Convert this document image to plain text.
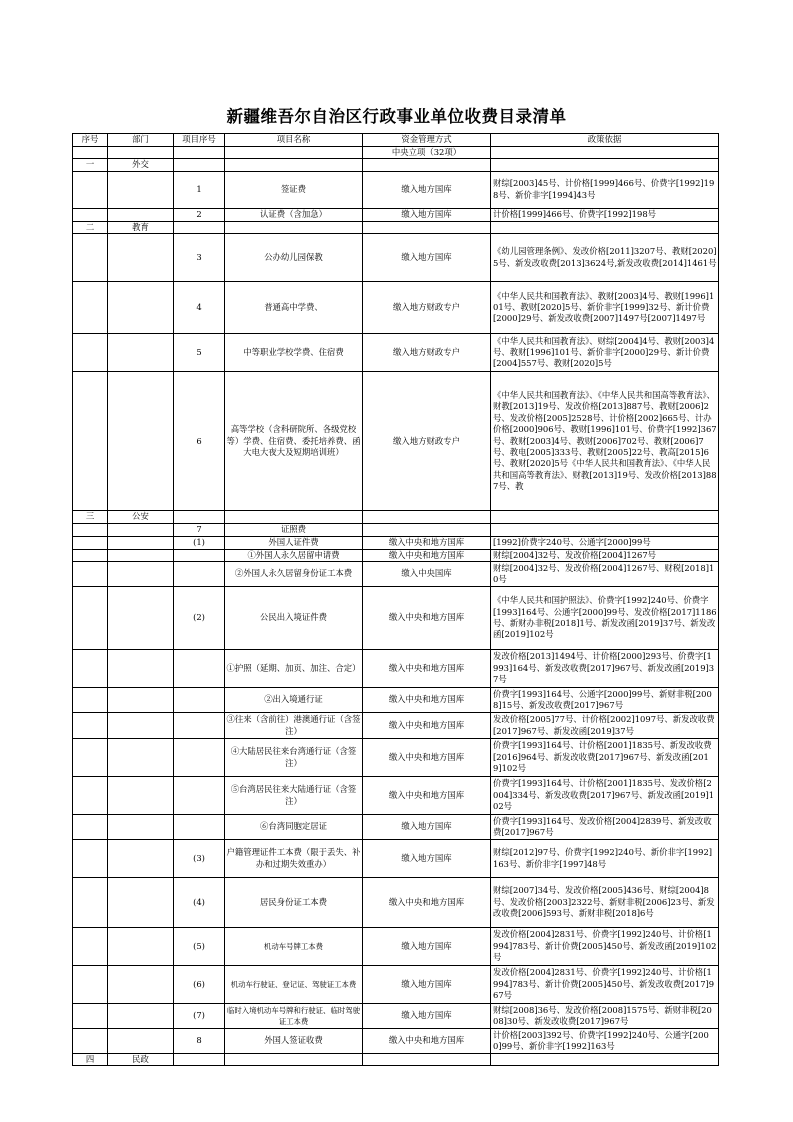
新疆维吾尔自治区行政事业单位收费目录清单
序号	部门	项目序号	项目名称	资金管理方式	政策依据
				中央立项（32项）	
一	外交				
		1	签证费	缴入地方国库	财综[2003]45号、计价格[1999]466号、价费字[1992]198号、新价非字[1994]43号
		2	认证费（含加急）	缴入地方国库	计价格[1999]466号、价费字[1992]198号
二	教育				
		3	公办幼儿园保教	缴入地方国库	《幼儿园管理条例》、发改价格[2011]3207号、教财[2020]5号、新发改收费[2013]3624号,新发改收费[2014]1461号
		4	普通高中学费、	缴入地方财政专户	《中华人民共和国教育法》、教财[2003]4号、教财[1996]101号、教财[2020]5号、新价非字[1999]32号、新计价费[2000]29号、新发改收费[2007]1497号[2007]1497号
		5	中等职业学校学费、住宿费	缴入地方财政专户	《中华人民共和国教育法》、财综[2004]4号、教财[2003]4号、教财[1996]101号、新价非字[2000]29号、新计价费[2004]557号、教财[2020]5号
		6	高等学校（含科研院所、各级党校等）学费、住宿费、委托培养费、函大电大夜大及短期培训班）	缴入地方财政专户	《中华人民共和国教育法》、《中华人民共和国高等教育法》、财教[2013]19号、发改价格[2013]887号、教财[2006]2号、发改价格[2005]2528号、计价格[2002]665号、计办价格[2000]906号、教财[1996]101号、价费字[1992]367号、教财[2003]4号、教财[2006]702号、教财[2006]7号、教电[2005]333号、教财[2005]22号、教高[2015]6号、教财[2020]5号《中华人民共和国教育法》、《中华人民共和国高等教育法》、财教[2013]19号、发改价格[2013]887号、教
三	公安				
		7	证照费		
		(1)	外国人证件费	缴入中央和地方国库	[1992]价费字240号、公通字[2000]99号
			①外国人永久居留申请费	缴入中央和地方国库	财综[2004]32号、发改价格[2004]1267号
			②外国人永久居留身份证工本费	缴入中央国库	财综[2004]32号、发改价格[2004]1267号、财税[2018]10号
		(2)	公民出入境证件费	缴入中央和地方国库	《中华人民共和国护照法》、价费字[1992]240号、价费字[1993]164号、公通字[2000]99号、发改价格[2017]1186号、新财办非税[2018]1号、新发改函[2019]37号、新发改函[2019]102号
			①护照（延期、加页、加注、合定）	缴入中央和地方国库	发改价格[2013]1494号、计价格[2000]293号、价费字[1993]164号、新发改收费[2017]967号、新发改函[2019]37号
			②出入境通行证	缴入中央和地方国库	价费字[1993]164号、公通字[2000]99号、新财非税[2008]15号、新发改收费[2017]967号
			③往来（含前往）港澳通行证（含签注）	缴入中央和地方国库	发改价格[2005]77号、计价格[2002]1097号、新发改收费[2017]967号、新发改函[2019]37号
			④大陆居民往来台湾通行证（含签注）	缴入中央和地方国库	价费字[1993]164号、计价格[2001]1835号、新发改收费[2016]964号、新发改收费[2017]967号、新发改函[2019]102号
			⑤台湾居民往来大陆通行证（含签注）	缴入中央和地方国库	价费字[1993]164号、计价格[2001]1835号、发改价格[2004]334号、新发改收费[2017]967号、新发改函[2019]102号
			⑥台湾同胞定居证	缴入地方国库	价费字[1993]164号、发改价格[2004]2839号、新发改收费[2017]967号
		(3)	户籍管理证件工本费（限于丢失、补办和过期失效重办）	缴入地方国库	财综[2012]97号、价费字[1992]240号、新价非字[1992]163号、新价非字[1997]48号
		(4)	居民身份证工本费	缴入中央和地方国库	财综[2007]34号、发改价格[2005]436号、财综[2004]8号、发改价格[2003]2322号、新财非税[2006]23号、新发改收费[2006]593号、新财非税[2018]6号
		(5)	机动车号牌工本费	缴入地方国库	发改价格[2004]2831号、价费字[1992]240号、计价格[1994]783号、新计价费[2005]450号、新发改函[2019]102号
		(6)	机动车行驶证、登记证、驾驶证工本费	缴入地方国库	发改价格[2004]2831号、价费字[1992]240号、计价格[1994]783号、新计价费[2005]450号、新发改收费[2017]967号
		(7)	临时入境机动车号牌和行驶证、临时驾驶证工本费	缴入地方国库	财综[2008]36号、发改价格[2008]1575号、新财非税[2008]30号、新发改收费[2017]967号
		8	外国人签证收费	缴入中央和地方国库	计价格[2003]392号、价费字[1992]240号、公通字[2000]99号、新价非字[1992]163号
四	民政				
